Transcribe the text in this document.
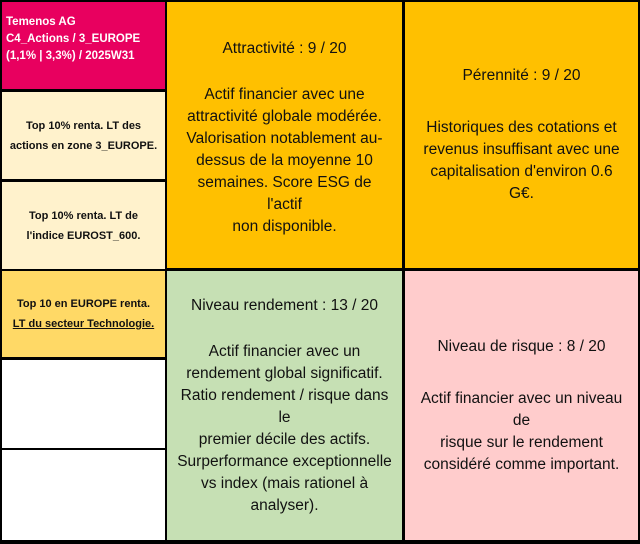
Temenos AG
C4_Actions / 3_EUROPE
(1,1% | 3,3%) / 2025W31
Top 10% renta. LT des
actions en zone 3_EUROPE.
Top 10% renta. LT de
l'indice EUROST_600.
Top 10 en EUROPE renta.
LT du secteur Technologie.
Attractivité : 9 / 20
Actif financier avec une
attractivité globale modérée.
Valorisation notablement au-
dessus de la moyenne 10
semaines. Score ESG de l'actif
non disponible.
Pérennité : 9 / 20
Historiques des cotations et
revenus insuffisant avec une
capitalisation d'environ 0.6 G€.
Niveau rendement : 13 / 20
Actif financier avec un
rendement global significatif.
Ratio rendement / risque dans le
premier décile des actifs.
Surperformance exceptionnelle
vs index (mais rationel à
analyser).
Niveau de risque : 8 / 20
Actif financier avec un niveau de
risque sur le rendement
considéré comme important.
